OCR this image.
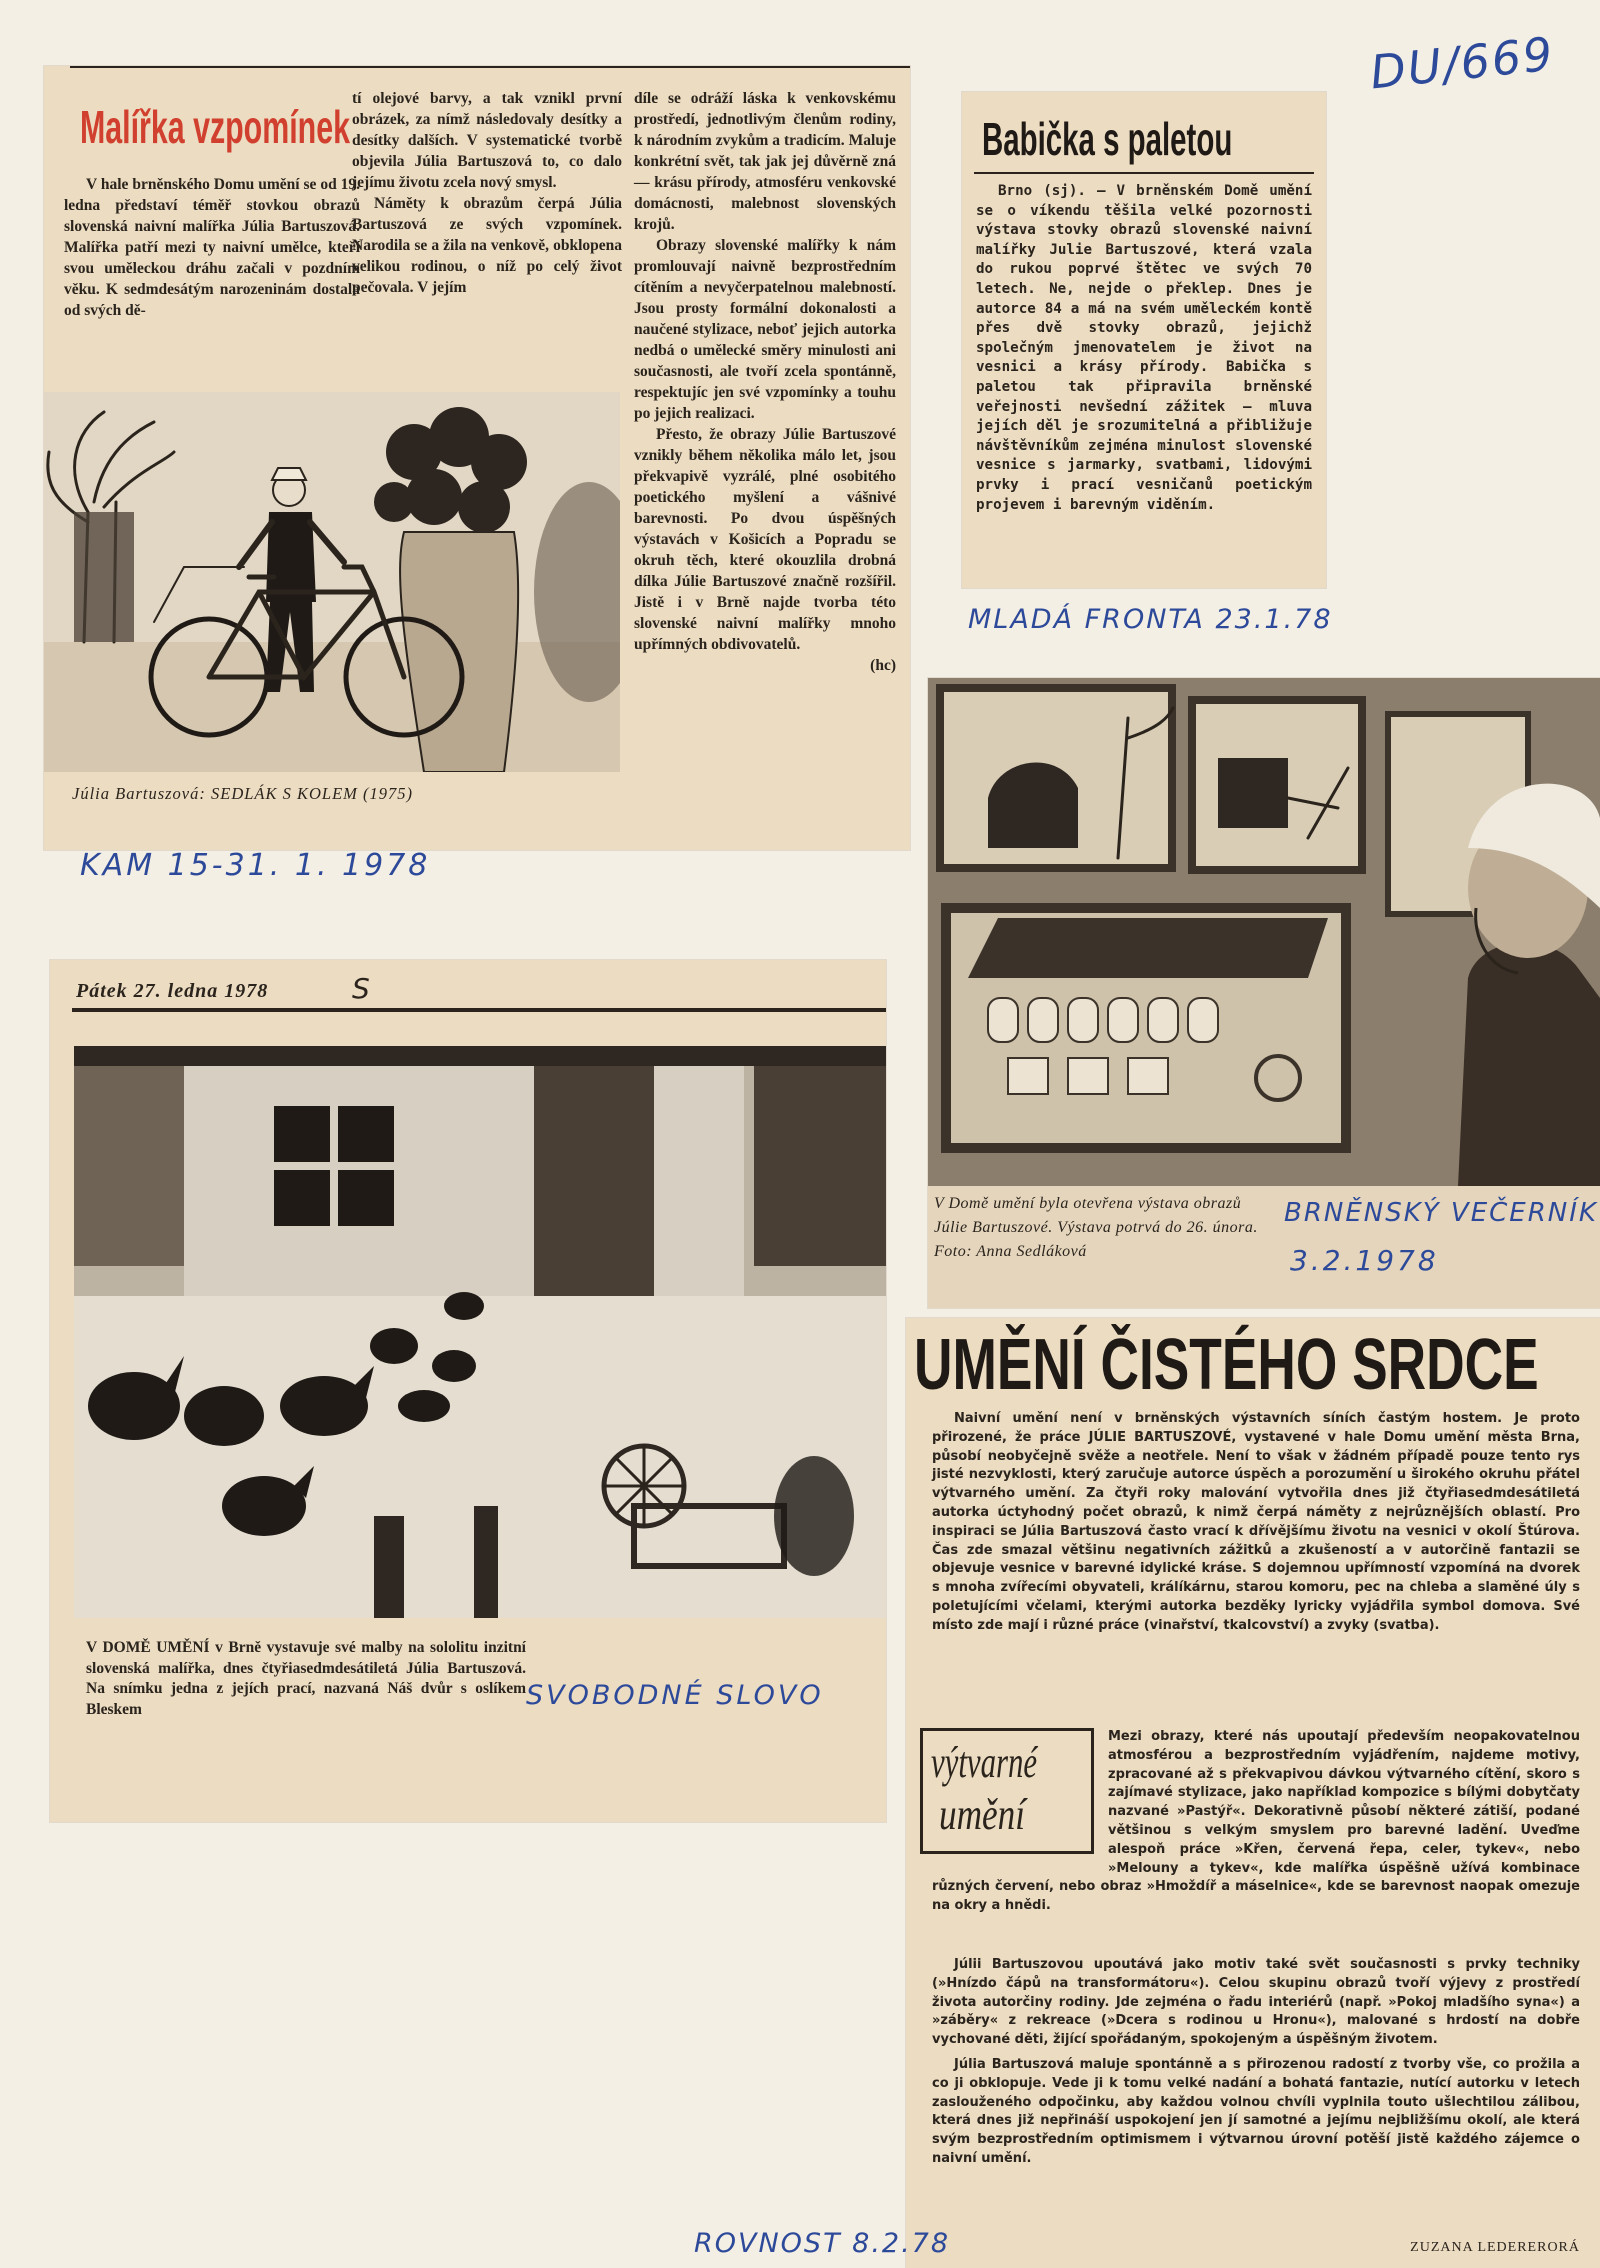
DU/669
Malířka vzpomínek

V hale brněnského Domu umění se od 19. ledna představí téměř stovkou obrazů slovenská naivní malířka Júlia Bartuszová. Malířka patří mezi ty naivní umělce, kteří svou uměleckou dráhu začali v pozdním věku. K sedmdesátým narozeninám dostala od svých dě-

tí olejové barvy, a tak vznikl první obrázek, za nímž následovaly desítky a desítky dalších. V systematické tvorbě objevila Júlia Bartuszová to, co dalo jejímu životu zcela nový smysl.

Náměty k obrazům čerpá Júlia Bartuszová ze svých vzpomínek. Narodila se a žila na venkově, obklopena velikou rodinou, o níž po celý život pečovala. V jejím

díle se odráží láska k venkovskému prostředí, jednotlivým členům rodiny, k národním zvykům a tradicím. Maluje konkrétní svět, tak jak jej důvěrně zná — krásu přírody, atmosféru venkovské domácnosti, malebnost slovenských krojů.

Obrazy slovenské malířky k nám promlouvají naivně bezprostředním cítěním a nevyčerpatelnou malebností. Jsou prosty formální dokonalosti a naučené stylizace, neboť jejich autorka nedbá o umělecké směry minulosti ani současnosti, ale tvoří zcela spontánně, respektujíc jen své vzpomínky a touhu po jejich realizaci.

Přesto, že obrazy Júlie Bartuszové vznikly během několika málo let, jsou překvapivě vyzrálé, plné osobitého poetického myšlení a vášnivé barevnosti. Po dvou úspěšných výstavách v Košicích a Popradu se okruh těch, které okouzlila drobná dílka Júlie Bartuszové značně rozšířil. Jistě i v Brně najde tvorba této slovenské naivní malířky mnoho upřímných obdivovatelů.

(hc)

Júlia Bartuszová: SEDLÁK S KOLEM (1975)
KAM 15-31. 1. 1978
Babička s paletou
Brno (sj). — V brněnském Domě umění se o víkendu těšila velké pozornosti výstava stovky obrazů slovenské naivní malířky Julie Bartuszové, která vzala do rukou poprvé štětec ve svých 70 letech. Ne, nejde o překlep. Dnes je autorce 84 a má na svém uměleckém kontě přes dvě stovky obrazů, jejichž společným jmenovatelem je život na vesnici a krásy přírody. Babička s paletou tak připravila brněnské veřejnosti nevšední zážitek — mluva jejích děl je srozumitelná a přibližuje návštěvníkům zejména minulost slovenské vesnice s jarmarky, svatbami, lidovými prvky i prací vesničanů poetickým projevem i barevným viděním.
MLADÁ FRONTA 23.1.78
V Domě umění byla otevřena výstava obrazů Júlie Bartuszové. Výstava potrvá do 26. února. Foto: Anna Sedláková
BRNĚNSKÝ VEČERNÍK
3.2.1978
Pátek 27. ledna 1978	S
V DOMĚ UMĚNÍ v Brně vystavuje své malby na sololitu inzitní slovenská malířka, dnes čtyřiasedmdesátiletá Júlia Bartuszová. Na snímku jedna z jejích prací, nazvaná Náš dvůr s oslíkem Bleskem	SVOBODNÉ SLOVO
UMĚNÍ ČISTÉHO SRDCE

Naivní umění není v brněnských výstavních síních častým hostem. Je proto přirozené, že práce JÚLIE BARTUSZOVÉ, vystavené v hale Domu umění města Brna, působí neobyčejně svěže a neotřele. Není to však v žádném případě pouze tento rys jisté nezvyklosti, který zaručuje autorce úspěch a porozumění u širokého okruhu přátel výtvarného umění. Za čtyři roky malování vytvořila dnes již čtyřiasedmdesátiletá autorka úctyhodný počet obrazů, k nimž čerpá náměty z nejrůznějších oblastí. Pro inspiraci se Júlia Bartuszová často vrací k dřívějšímu životu na vesnici v okolí Štúrova. Čas zde smazal většinu negativních zážitků a zkušeností a v autorčině fantazii se objevuje vesnice v barevné idylické kráse. S dojemnou upřímností vzpomíná na dvorek s mnoha zvířecími obyvateli, králíkárnu, starou komoru, pec na chleba a slaměné úly s poletujícími včelami, kterými autorka bezděky lyricky vyjádřila symbol domova. Své místo zde mají i různé práce (vinařství, tkalcovství) a zvyky (svatba).

výtvarné
umění
Mezi obrazy, které nás upoutají především neopakovatelnou atmosférou a bezprostředním vyjádřením, najdeme motivy, zpracované až s překvapivou dávkou výtvarného cítění, skoro s zajímavé stylizace, jako například kompozice s bílými dobytčaty nazvané »Pastýř«. Dekorativně působí některé zátiší, podané většinou s velkým smyslem pro barevné ladění. Uveďme alespoň práce »Křen, červená řepa, celer, tykev«, nebo »Melouny a tykev«, kde malířka úspěšně užívá kombinace různých červení, nebo obraz »Hmoždíř a máselnice«, kde se barevnost naopak omezuje na okry a hnědi.

Júlii Bartuszovou upoutává jako motiv také svět současnosti s prvky techniky (»Hnízdo čápů na transformátoru«). Celou skupinu obrazů tvoří výjevy z prostředí života autorčiny rodiny. Jde zejména o řadu interiérů (např. »Pokoj mladšího syna«) a »záběry« z rekreace (»Dcera s rodinou u Hronu«), malované s hrdostí na dobře vychované děti, žijící spořádaným, spokojeným a úspěšným životem.

Júlia Bartuszová maluje spontánně a s přirozenou radostí z tvorby vše, co prožila a co ji obklopuje. Vede ji k tomu velké nadání a bohatá fantazie, nutící autorku v letech zaslouženého odpočinku, aby každou volnou chvíli vyplnila touto ušlechtilou zálibou, která dnes již nepřináší uspokojení jen jí samotné a jejímu nejbližšímu okolí, ale která svým bezprostředním optimismem i výtvarnou úrovní potěší jistě každého zájemce o naivní umění.

ZUZANA LEDERERORÁ
ROVNOST 8.2.78
